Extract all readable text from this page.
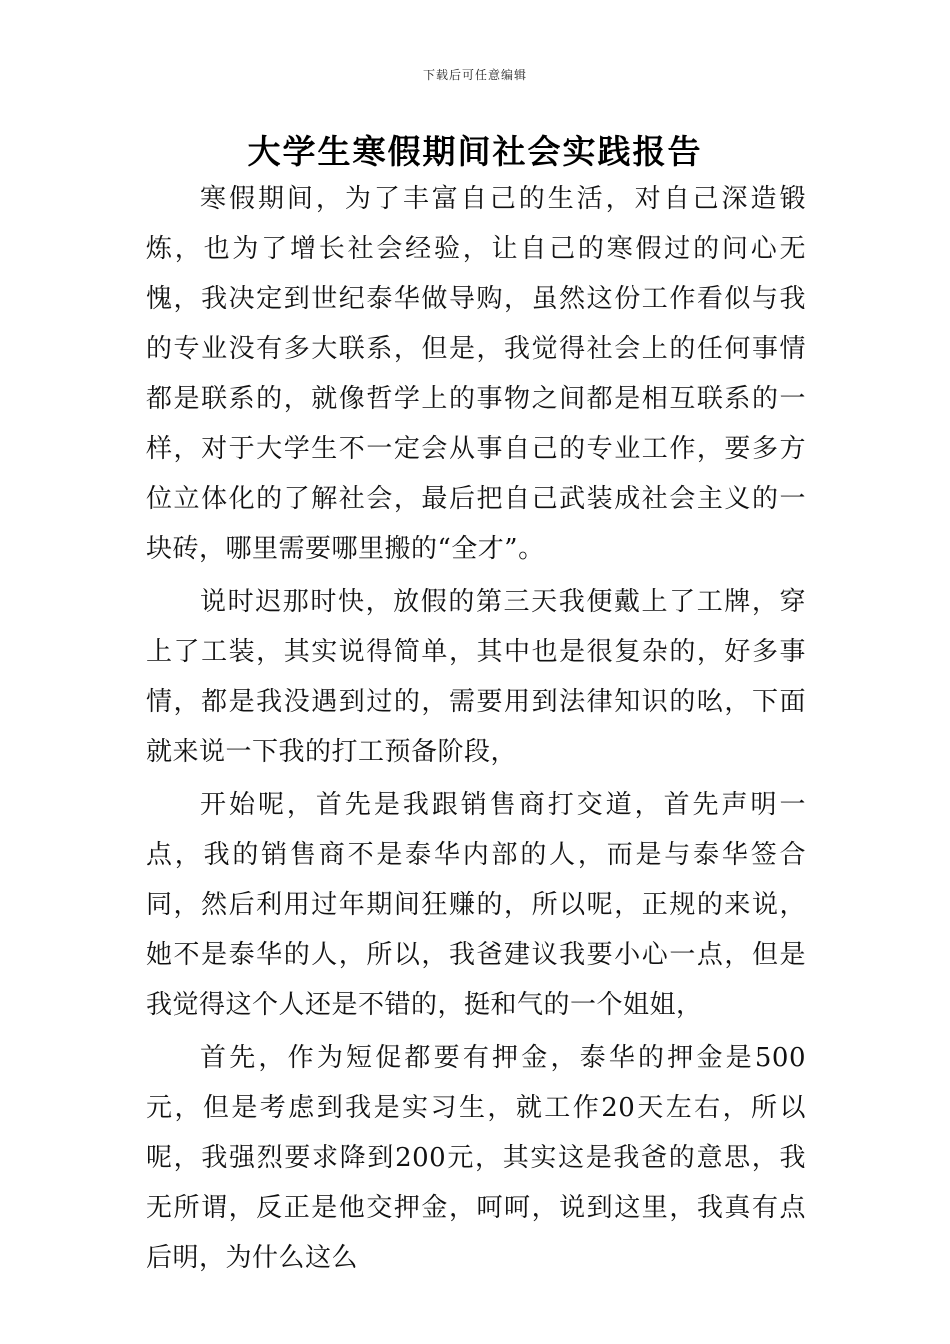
下载后可任意编辑
大学生寒假期间社会实践报告

寒假期间，为了丰富自己的生活，对自己深造锻炼，也为了增长社会经验，让自己的寒假过的问心无愧，我决定到世纪泰华做导购，虽然这份工作看似与我的专业没有多大联系，但是，我觉得社会上的任何事情都是联系的，就像哲学上的事物之间都是相互联系的一样，对于大学生不一定会从事自己的专业工作，要多方位立体化的了解社会，最后把自己武装成社会主义的一块砖，哪里需要哪里搬的“全才”。

说时迟那时快，放假的第三天我便戴上了工牌，穿上了工装，其实说得简单，其中也是很复杂的，好多事情，都是我没遇到过的，需要用到法律知识的吆，下面就来说一下我的打工预备阶段，

开始呢，首先是我跟销售商打交道，首先声明一点，我的销售商不是泰华内部的人，而是与泰华签合同，然后利用过年期间狂赚的，所以呢，正规的来说，她不是泰华的人，所以，我爸建议我要小心一点，但是我觉得这个人还是不错的，挺和气的一个姐姐，

首先，作为短促都要有押金，泰华的押金是500元，但是考虑到我是实习生，就工作20天左右，所以呢，我强烈要求降到200元，其实这是我爸的意思，我无所谓，反正是他交押金，呵呵，说到这里，我真有点后明，为什么这么
